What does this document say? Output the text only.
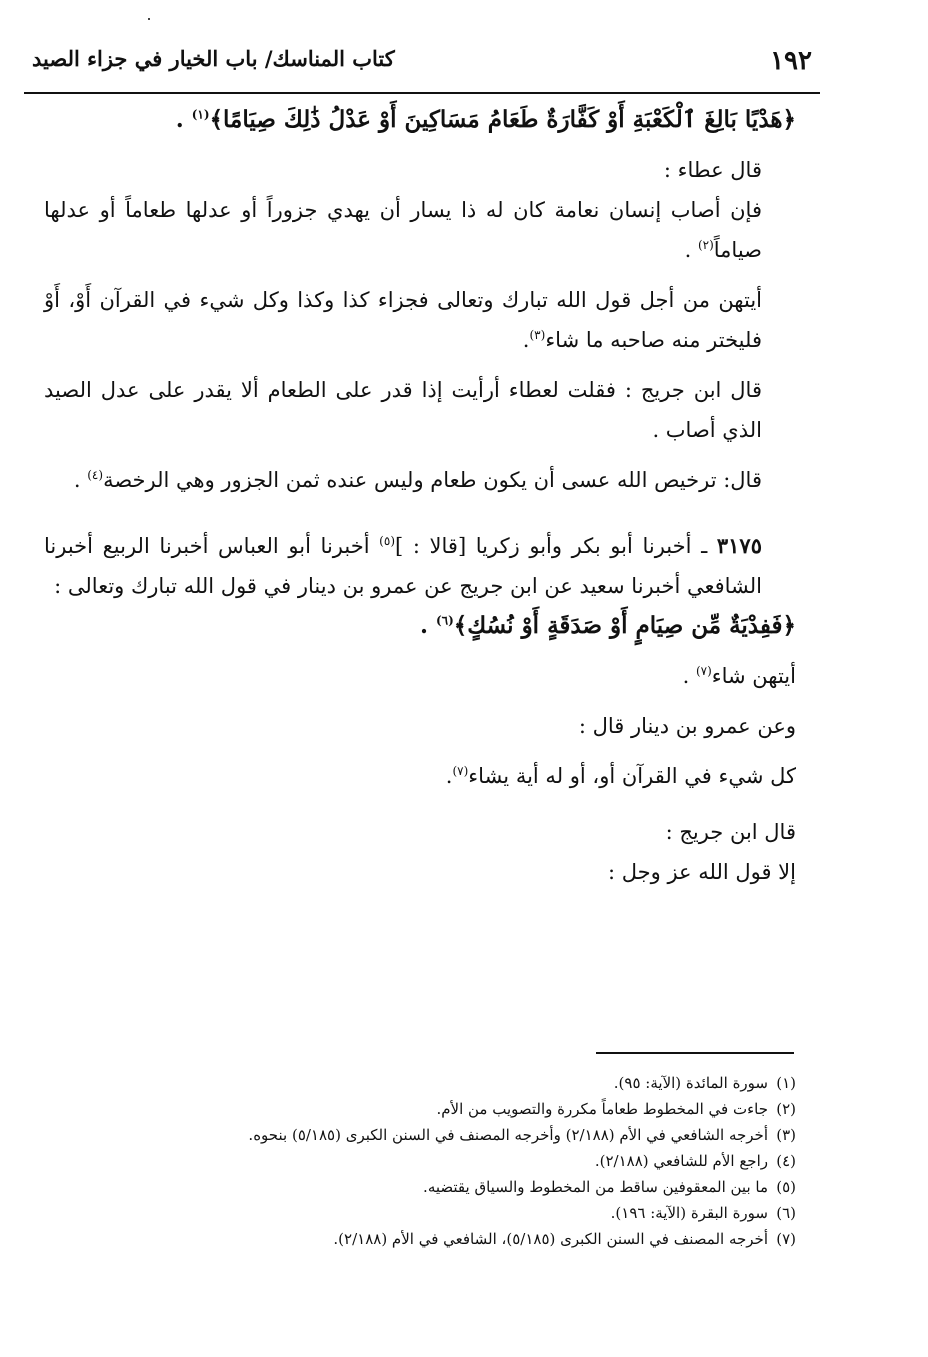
١٩٢
كتاب المناسك/ باب الخيار في جزاء الصيد

﴿هَدْيًا بَالِغَ ٱلْكَعْبَةِ أَوْ كَفَّارَةٌ طَعَامُ مَسَاكِينَ أَوْ عَدْلُ ذَٰلِكَ صِيَامًا﴾$^{(١)}$ .

قال عطاء :

فإن أصاب إنسان نعامة كان له ذا يسار أن يهدي جزوراً أو عدلها طعاماً أو عدلها صياماً$^{(٢)}$ .

أيتهن من أجل قول الله تبارك وتعالى فجزاء كذا وكذا وكل شيء في القرآن أَوْ، أَوْ فليختر منه صاحبه ما شاء$^{(٣)}$.

قال ابن جريج : فقلت لعطاء أرأيت إذا قدر على الطعام ألا يقدر على عدل الصيد الذي أصاب .

قال: ترخيص الله عسى أن يكون طعام وليس عنده ثمن الجزور وهي الرخصة$^{(٤)}$ .

٣١٧٥ ـ أخبرنا أبو بكر وأبو زكريا [قالا : ]$^{(٥)}$ أخبرنا أبو العباس أخبرنا الربيع أخبرنا الشافعي أخبرنا سعيد عن ابن جريج عن عمرو بن دينار في قول الله تبارك وتعالى :

﴿فَفِدْيَةٌ مِّن صِيَامٍ أَوْ صَدَقَةٍ أَوْ نُسُكٍ﴾$^{(٦)}$ .

أيتهن شاء$^{(٧)}$ .

وعن عمرو بن دينار قال :

كل شيء في القرآن أو، أو له أية يشاء$^{(٧)}$.

قال ابن جريج :

إلا قول الله عز وجل :

(١)سورة المائدة (الآية: ٩٥).

(٢)جاءت في المخطوط طعاماً مكررة والتصويب من الأم.

(٣)أخرجه الشافعي في الأم (٢/١٨٨) وأخرجه المصنف في السنن الكبرى (٥/١٨٥) بنحوه.

(٤)راجع الأم للشافعي (٢/١٨٨).

(٥)ما بين المعقوفين ساقط من المخطوط والسياق يقتضيه.

(٦)سورة البقرة (الآية: ١٩٦).

(٧)أخرجه المصنف في السنن الكبرى (٥/١٨٥)، الشافعي في الأم (٢/١٨٨).
